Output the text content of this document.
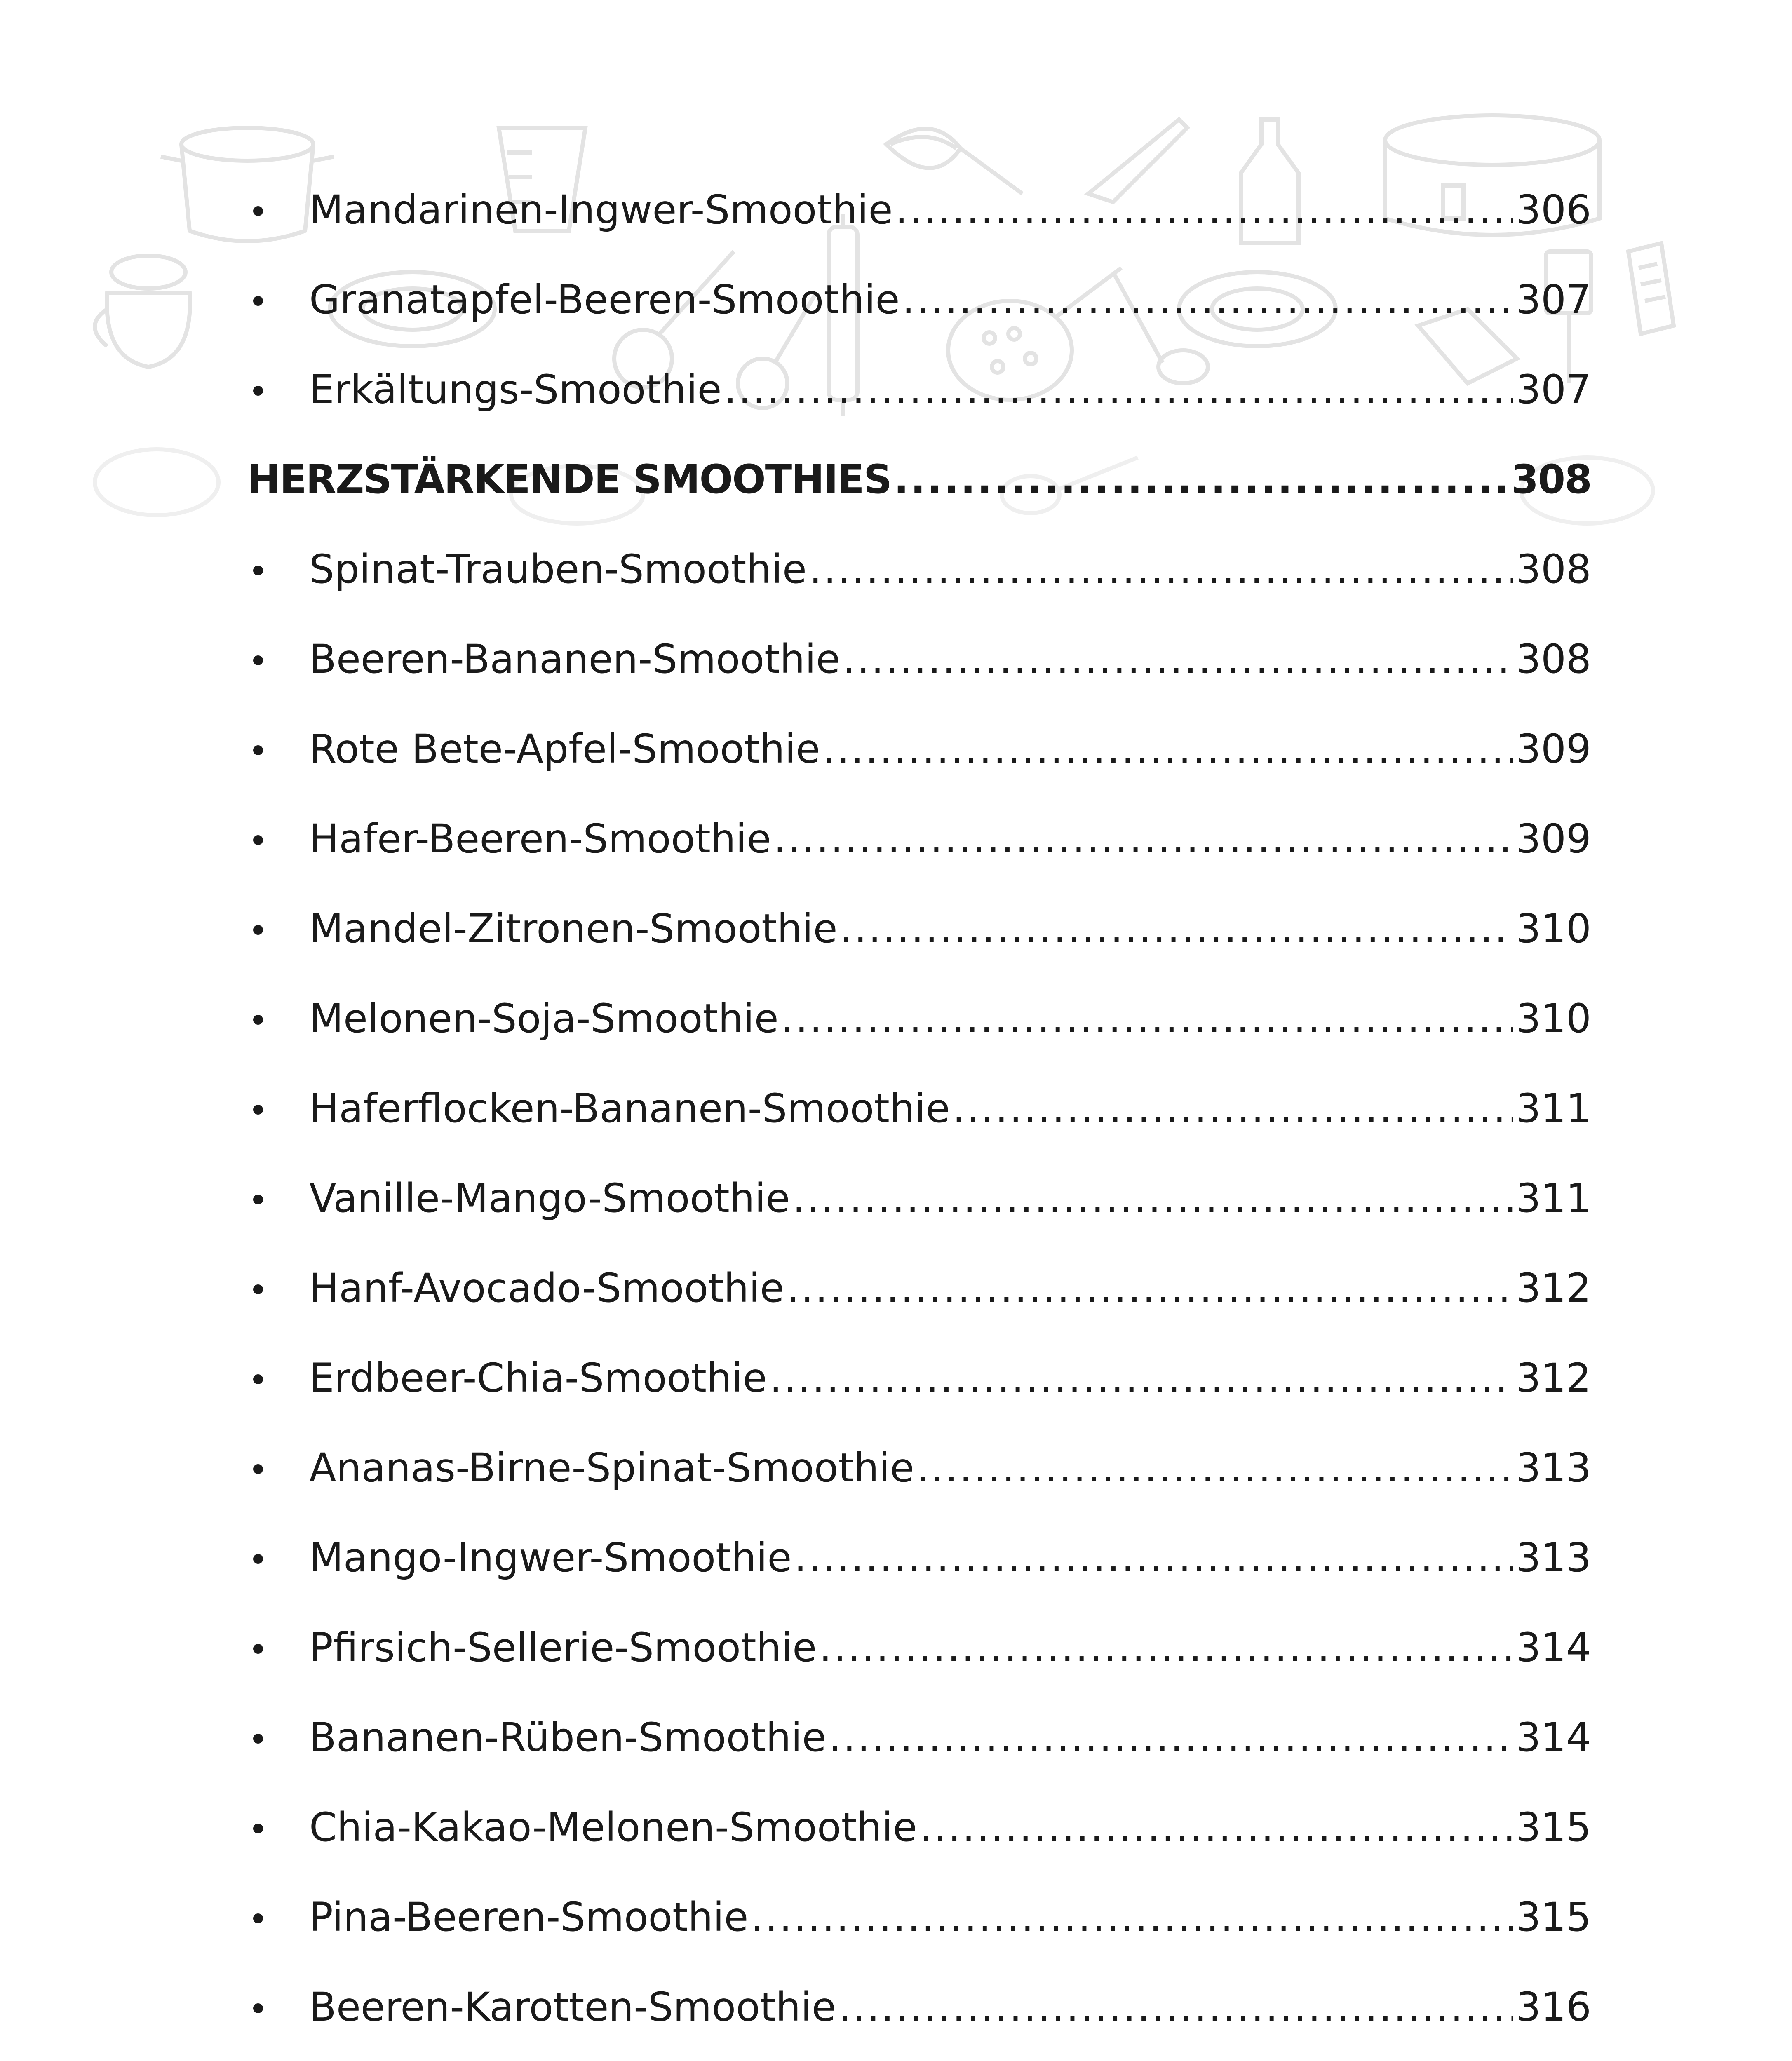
Mandarinen-Ingwer-Smoothie .....	306
Granatapfel-Beeren-Smoothie .....	307
Erkältungs-Smoothie .....	307
HERZSTÄRKENDE SMOOTHIES .....	308
Spinat-Trauben-Smoothie .....	308
Beeren-Bananen-Smoothie .....	308
Rote Bete-Apfel-Smoothie .....	309
Hafer-Beeren-Smoothie .....	309
Mandel-Zitronen-Smoothie .....	310
Melonen-Soja-Smoothie .....	310
Haferflocken-Bananen-Smoothie .....	311
Vanille-Mango-Smoothie .....	311
Hanf-Avocado-Smoothie .....	312
Erdbeer-Chia-Smoothie .....	312
Ananas-Birne-Spinat-Smoothie .....	313
Mango-Ingwer-Smoothie .....	313
Pfirsich-Sellerie-Smoothie .....	314
Bananen-Rüben-Smoothie .....	314
Chia-Kakao-Melonen-Smoothie .....	315
Pina-Beeren-Smoothie .....	315
Beeren-Karotten-Smoothie .....	316
.....
